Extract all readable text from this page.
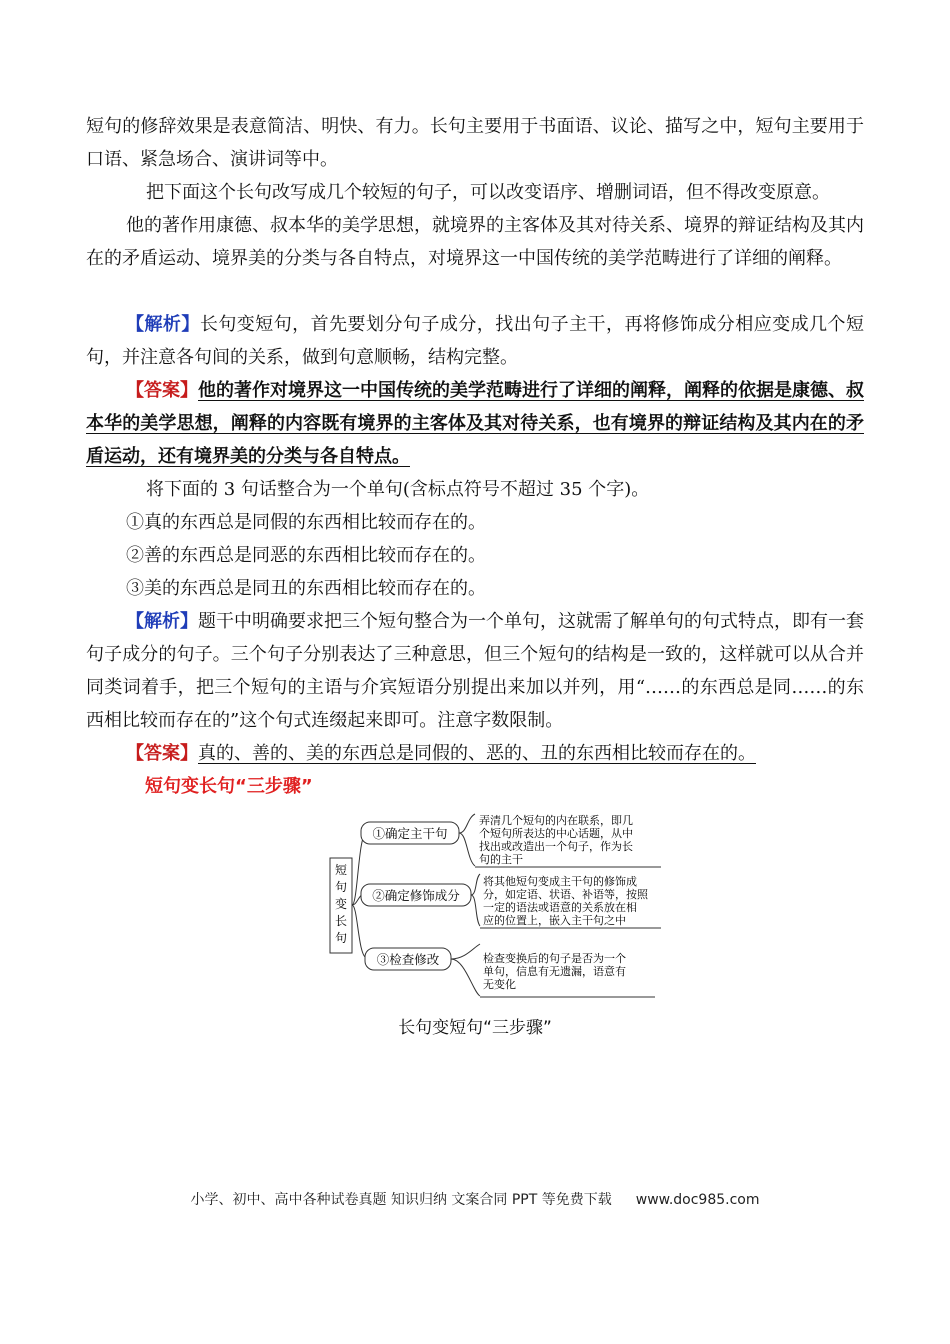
短句的修辞效果是表意简洁、明快、有力。长句主要用于书面语、议论、描写之中，短句主要用于口语、紧急场合、演讲词等中。

把下面这个长句改写成几个较短的句子，可以改变语序、增删词语，但不得改变原意。

他的著作用康德、叔本华的美学思想，就境界的主客体及其对待关系、境界的辩证结构及其内在的矛盾运动、境界美的分类与各自特点，对境界这一中国传统的美学范畴进行了详细的阐释。

【解析】长句变短句，首先要划分句子成分，找出句子主干，再将修饰成分相应变成几个短句，并注意各句间的关系，做到句意顺畅，结构完整。

【答案】他的著作对境界这一中国传统的美学范畴进行了详细的阐释，阐释的依据是康德、叔本华的美学思想，阐释的内容既有境界的主客体及其对待关系，也有境界的辩证结构及其内在的矛盾运动，还有境界美的分类与各自特点。

将下面的 3 句话整合为一个单句(含标点符号不超过 35 个字)。

①真的东西总是同假的东西相比较而存在的。

②善的东西总是同恶的东西相比较而存在的。

③美的东西总是同丑的东西相比较而存在的。

【解析】题干中明确要求把三个短句整合为一个单句，这就需了解单句的句式特点，即有一套句子成分的句子。三个句子分别表达了三种意思，但三个短句的结构是一致的，这样就可以从合并同类词着手，把三个短句的主语与介宾短语分别提出来加以并列，用“……的东西总是同……的东西相比较而存在的”这个句式连缀起来即可。注意字数限制。

【答案】真的、善的、美的东西总是同假的、恶的、丑的东西相比较而存在的。

短句变长句“三步骤”
短
句
变
长
句
①确定主干句
②确定修饰成分
③检查修改
弄清几个短句的内在联系，即几
个短句所表达的中心话题，从中
找出或改造出一个句子，作为长
句的主干
将其他短句变成主干句的修饰成
分，如定语、状语、补语等，按照
一定的语法或语意的关系放在相
应的位置上，嵌入主干句之中
检查变换后的句子是否为一个
单句，信息有无遗漏，语意有
无变化
长句变短句“三步骤”
小学、初中、高中各种试卷真题 知识归纳 文案合同 PPT 等免费下载 www.doc985.com
